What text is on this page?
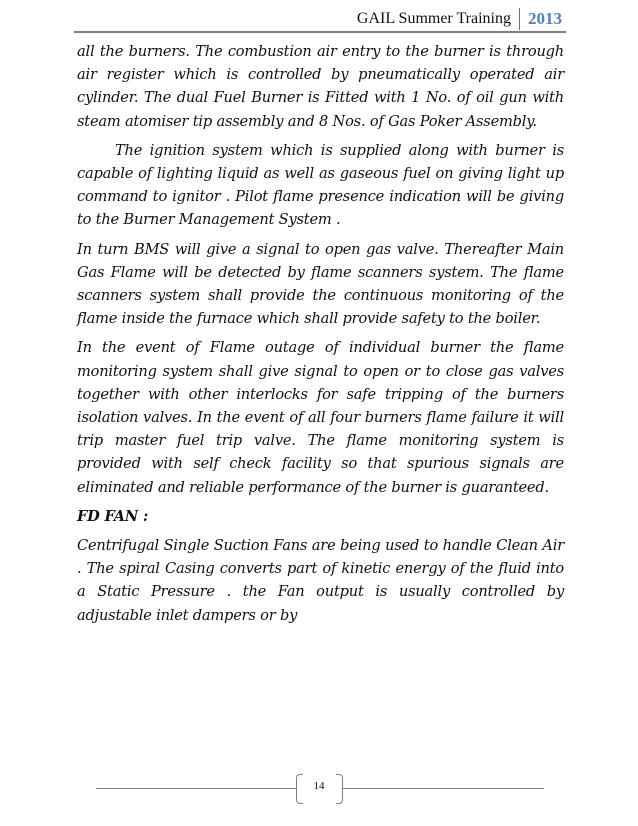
GAIL Summer Training	2013

all the burners. The combustion air entry to the burner is through air register which is controlled by pneumatically operated air cylinder. The dual Fuel Burner is Fitted with 1 No. of oil gun with steam atomiser tip assembly and 8 Nos. of Gas Poker Assembly.

The ignition system which is supplied along with burner is capable of lighting liquid as well as gaseous fuel on giving light up command to ignitor . Pilot flame presence indication will be giving to the Burner Management System .

In turn BMS will give a signal to open gas valve. Thereafter Main Gas Flame will be detected by flame scanners system. The flame scanners system shall provide the continuous monitoring of the flame inside the furnace which shall provide safety to the boiler.

In the event of Flame outage of individual burner the flame monitoring system shall give signal to open or to close gas valves together with other interlocks for safe tripping of the burners isolation valves. In the event of all four burners flame failure it will trip master fuel trip valve. The flame monitoring system is provided with self check facility so that spurious signals are eliminated and reliable performance of the burner is guaranteed.

FD FAN :

Centrifugal Single Suction Fans are being used to handle Clean Air . The spiral Casing converts part of kinetic energy of the fluid into a Static Pressure . the Fan output is usually controlled by adjustable inlet dampers or by

14
